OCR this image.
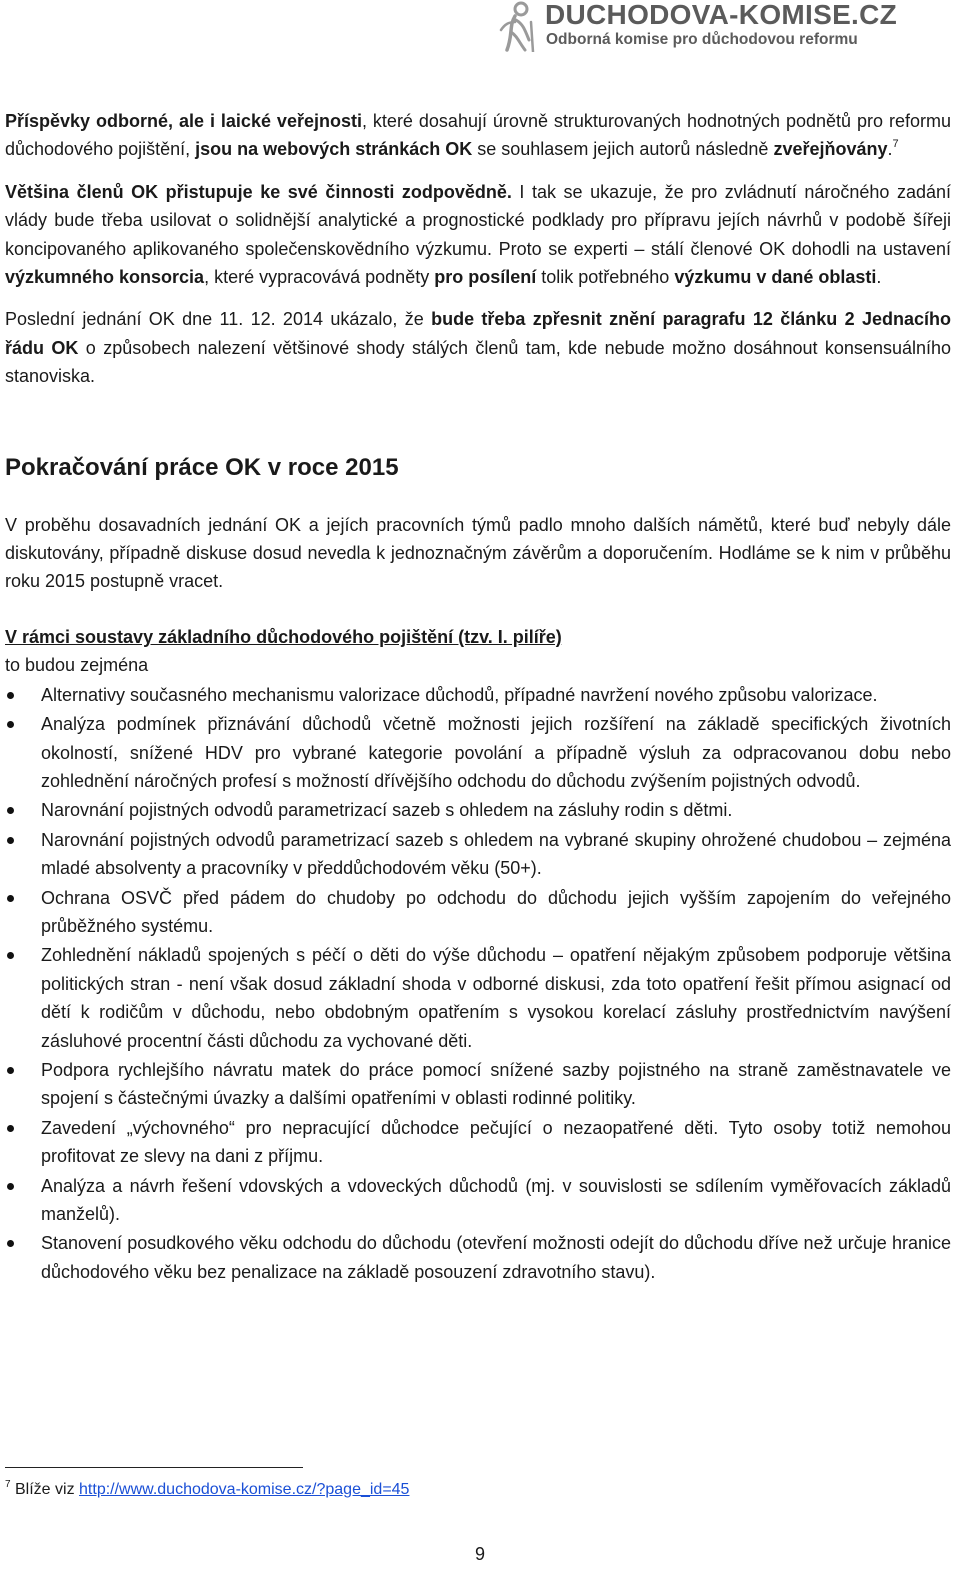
DUCHODOVA-KOMISE.CZ
Odborná komise pro důchodovou reformu

Příspěvky odborné, ale i laické veřejnosti, které dosahují úrovně strukturovaných hodnotných podnětů pro reformu důchodového pojištění, jsou na webových stránkách OK se souhlasem jejich autorů následně zveřejňovány.$^7$

Většina členů OK přistupuje ke své činnosti zodpovědně. I tak se ukazuje, že pro zvládnutí náročného zadání vlády bude třeba usilovat o solidnější analytické a prognostické podklady pro přípravu jejích návrhů v podobě šířeji koncipovaného aplikovaného společenskovědního výzkumu. Proto se experti – stálí členové OK dohodli na ustavení výzkumného konsorcia, které vypracovává podněty pro posílení tolik potřebného výzkumu v dané oblasti.

Poslední jednání OK dne 11. 12. 2014 ukázalo, že bude třeba zpřesnit znění paragrafu 12 článku 2 Jednacího řádu OK o způsobech nalezení většinové shody stálých členů tam, kde nebude možno dosáhnout konsensuálního stanoviska.

Pokračování práce OK v roce 2015

V proběhu dosavadních jednání OK a jejích pracovních týmů padlo mnoho dalších námětů, které buď nebyly dále diskutovány, případně diskuse dosud nevedla k jednoznačným závěrům a doporučením. Hodláme se k nim v průběhu roku 2015 postupně vracet.

V rámci soustavy základního důchodového pojištění (tzv. I. pilíře)

to budou zejména

Alternativy současného mechanismu valorizace důchodů, případné navržení nového způsobu valorizace.
Analýza podmínek přiznávání důchodů včetně možnosti jejich rozšíření na základě specifických životních okolností, snížené HDV pro vybrané kategorie povolání a případně výsluh za odpracovanou dobu nebo zohlednění náročných profesí s možností dřívějšího odchodu do důchodu zvýšením pojistných odvodů.
Narovnání pojistných odvodů parametrizací sazeb s ohledem na zásluhy rodin s dětmi.
Narovnání pojistných odvodů parametrizací sazeb s ohledem na vybrané skupiny ohrožené chudobou – zejména mladé absolventy a pracovníky v předdůchodovém věku (50+).
Ochrana OSVČ před pádem do chudoby po odchodu do důchodu jejich vyšším zapojením do veřejného průběžného systému.
Zohlednění nákladů spojených s péčí o děti do výše důchodu – opatření nějakým způsobem podporuje většina politických stran - není však dosud základní shoda v odborné diskusi, zda toto opatření řešit přímou asignací od dětí k rodičům v důchodu, nebo obdobným opatřením s vysokou korelací zásluhy prostřednictvím navýšení zásluhové procentní části důchodu za vychované děti.
Podpora rychlejšího návratu matek do práce pomocí snížené sazby pojistného na straně zaměstnavatele ve spojení s částečnými úvazky a dalšími opatřeními v oblasti rodinné politiky.
Zavedení „výchovného“ pro nepracující důchodce pečující o nezaopatřené děti. Tyto osoby totiž nemohou profitovat ze slevy na dani z příjmu.
Analýza a návrh řešení vdovských a vdoveckých důchodů (mj. v souvislosti se sdílením vyměřovacích základů manželů).
Stanovení posudkového věku odchodu do důchodu (otevření možnosti odejít do důchodu dříve než určuje hranice důchodového věku bez penalizace na základě posouzení zdravotního stavu).
$^7$ Blíže viz http://www.duchodova-komise.cz/?page_id=45
9
